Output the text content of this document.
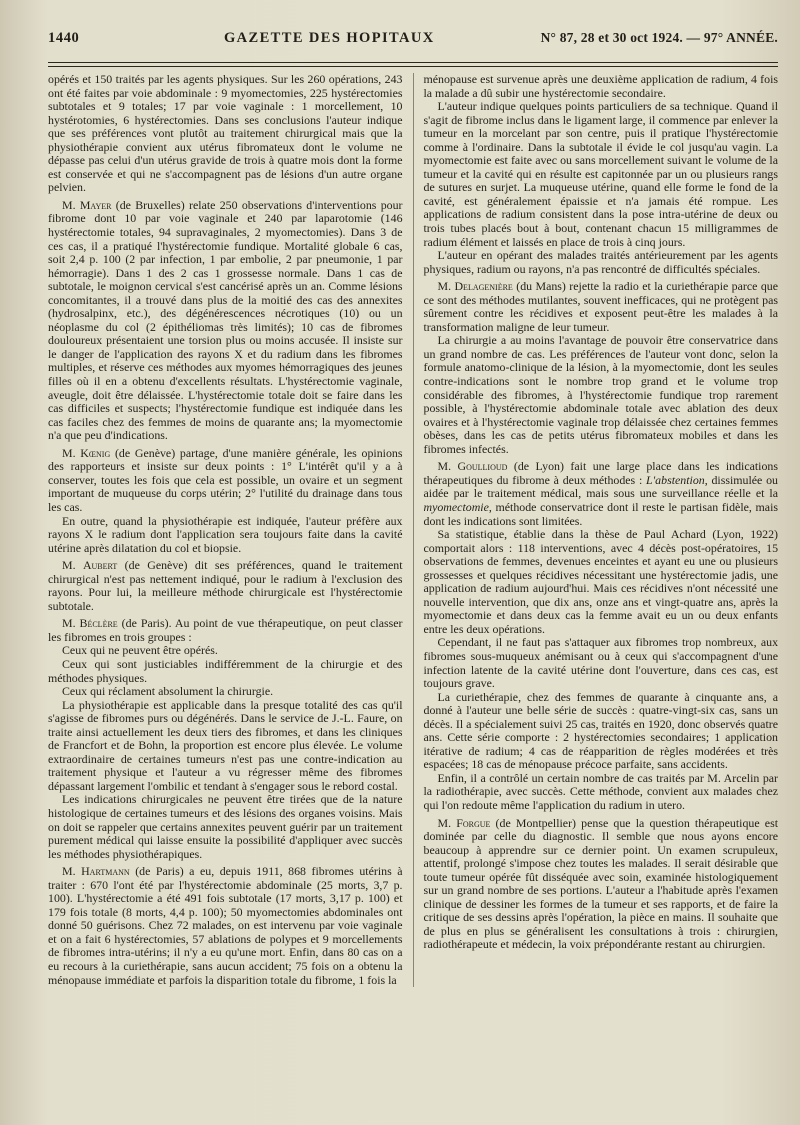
1440	GAZETTE DES HOPITAUX	N° 87, 28 et 30 oct 1924. — 97° ANNÉE.

opérés et 150 traités par les agents physiques. Sur les 260 opérations, 243 ont été faites par voie abdominale : 9 myomectomies, 225 hystérectomies subtotales et 9 totales; 17 par voie vaginale : 1 morcellement, 10 hystérotomies, 6 hystérectomies. Dans ses conclusions l'auteur indique que ses préférences vont plutôt au traitement chirurgical mais que la physiothérapie convient aux utérus fibromateux dont le volume ne dépasse pas celui d'un utérus gravide de trois à quatre mois dont la forme est conservée et qui ne s'accompagnent pas de lésions d'un autre organe pelvien.

M. Mayer (de Bruxelles) relate 250 observations d'interventions pour fibrome dont 10 par voie vaginale et 240 par laparotomie (146 hystérectomie totales, 94 supravaginales, 2 myomectomies). Dans 3 de ces cas, il a pratiqué l'hystérectomie fundique. Mortalité globale 6 cas, soit 2,4 p. 100 (2 par infection, 1 par embolie, 2 par pneumonie, 1 par hémorragie). Dans 1 des 2 cas 1 grossesse normale. Dans 1 cas de subtotale, le moignon cervical s'est cancérisé après un an. Comme lésions concomitantes, il a trouvé dans plus de la moitié des cas des annexites (hydrosalpinx, etc.), des dégénérescences nécrotiques (10) ou un néoplasme du col (2 épithéliomas très limités); 10 cas de fibromes douloureux présentaient une torsion plus ou moins accusée. Il insiste sur le danger de l'application des rayons X et du radium dans les fibromes multiples, et réserve ces méthodes aux myomes hémorragiques des jeunes filles où il en a obtenu d'excellents résultats. L'hystérectomie vaginale, aveugle, doit être délaissée. L'hystérectomie totale doit se faire dans les cas difficiles et suspects; l'hystérectomie fundique est indiquée dans les cas faciles chez des femmes de moins de quarante ans; la myomectomie n'a que peu d'indications.

M. Kœnig (de Genève) partage, d'une manière générale, les opinions des rapporteurs et insiste sur deux points : 1° L'intérêt qu'il y a à conserver, toutes les fois que cela est possible, un ovaire et un segment important de muqueuse du corps utérin; 2° l'utilité du drainage dans tous les cas.

En outre, quand la physiothérapie est indiquée, l'auteur préfère aux rayons X le radium dont l'application sera toujours faite dans la cavité utérine après dilatation du col et biopsie.

M. Aubert (de Genève) dit ses préférences, quand le traitement chirurgical n'est pas nettement indiqué, pour le radium à l'exclusion des rayons. Pour lui, la meilleure méthode chirurgicale est l'hystérectomie subtotale.

M. Béclère (de Paris). Au point de vue thérapeutique, on peut classer les fibromes en trois groupes :

Ceux qui ne peuvent être opérés.

Ceux qui sont justiciables indifféremment de la chirurgie et des méthodes physiques.

Ceux qui réclament absolument la chirurgie.

La physiothérapie est applicable dans la presque totalité des cas qu'il s'agisse de fibromes purs ou dégénérés. Dans le service de J.-L. Faure, on traite ainsi actuellement les deux tiers des fibromes, et dans les cliniques de Francfort et de Bohn, la proportion est encore plus élevée. Le volume extraordinaire de certaines tumeurs n'est pas une contre-indication au traitement physique et l'auteur a vu régresser même des fibromes dépassant largement l'ombilic et tendant à s'engager sous le rebord costal.

Les indications chirurgicales ne peuvent être tirées que de la nature histologique de certaines tumeurs et des lésions des organes voisins. Mais on doit se rappeler que certains annexites peuvent guérir par un traitement purement médical qui laisse ensuite la possibilité d'appliquer avec succès les méthodes physiothérapiques.

M. Hartmann (de Paris) a eu, depuis 1911, 868 fibromes utérins à traiter : 670 l'ont été par l'hystérectomie abdominale (25 morts, 3,7 p. 100). L'hystérectomie a été 491 fois subtotale (17 morts, 3,17 p. 100) et 179 fois totale (8 morts, 4,4 p. 100); 50 myomectomies abdominales ont donné 50 guérisons. Chez 72 malades, on est intervenu par voie vaginale et on a fait 6 hystérectomies, 57 ablations de polypes et 9 morcellements de fibromes intra-utérins; il n'y a eu qu'une mort. Enfin, dans 80 cas on a eu recours à la curiethérapie, sans aucun accident; 75 fois on a obtenu la ménopause immédiate et parfois la disparition totale du fibrome, 1 fois la

ménopause est survenue après une deuxième application de radium, 4 fois la malade a dû subir une hystérectomie secondaire.

L'auteur indique quelques points particuliers de sa technique. Quand il s'agit de fibrome inclus dans le ligament large, il commence par enlever la tumeur en la morcelant par son centre, puis il pratique l'hystérectomie comme à l'ordinaire. Dans la subtotale il évide le col jusqu'au vagin. La myomectomie est faite avec ou sans morcellement suivant le volume de la tumeur et la cavité qui en résulte est capitonnée par un ou plusieurs rangs de sutures en surjet. La muqueuse utérine, quand elle forme le fond de la cavité, est généralement épaissie et n'a jamais été rompue. Les applications de radium consistent dans la pose intra-utérine de deux ou trois tubes placés bout à bout, contenant chacun 15 milligrammes de radium élément et laissés en place de trois à cinq jours.

L'auteur en opérant des malades traités antérieurement par les agents physiques, radium ou rayons, n'a pas rencontré de difficultés spéciales.

M. Delagenière (du Mans) rejette la radio et la curiethérapie parce que ce sont des méthodes mutilantes, souvent inefficaces, qui ne protègent pas sûrement contre les récidives et exposent peut-être les malades à la transformation maligne de leur tumeur.

La chirurgie a au moins l'avantage de pouvoir être conservatrice dans un grand nombre de cas. Les préférences de l'auteur vont donc, selon la formule anatomo-clinique de la lésion, à la myomectomie, dont les seules contre-indications sont le nombre trop grand et le volume trop considérable des fibromes, à l'hystérectomie fundique trop rarement possible, à l'hystérectomie abdominale totale avec ablation des deux ovaires et à l'hystérectomie vaginale trop délaissée chez certaines femmes obèses, dans les cas de petits utérus fibromateux mobiles et dans les fibromes infectés.

M. Goullioud (de Lyon) fait une large place dans les indications thérapeutiques du fibrome à deux méthodes : L'abstention, dissimulée ou aidée par le traitement médical, mais sous une surveillance réelle et la myomectomie, méthode conservatrice dont il reste le partisan fidèle, mais dont les indications sont limitées.

Sa statistique, établie dans la thèse de Paul Achard (Lyon, 1922) comportait alors : 118 interventions, avec 4 décès post-opératoires, 15 observations de femmes, devenues enceintes et ayant eu une ou plusieurs grossesses et quelques récidives nécessitant une hystérectomie jadis, une application de radium aujourd'hui. Mais ces récidives n'ont nécessité une nouvelle intervention, que dix ans, onze ans et vingt-quatre ans, après la myomectomie et dans deux cas la femme avait eu un ou deux enfants entre les deux opérations.

Cependant, il ne faut pas s'attaquer aux fibromes trop nombreux, aux fibromes sous-muqueux anémisant ou à ceux qui s'accompagnent d'une infection latente de la cavité utérine dont l'ouverture, dans ces cas, est toujours grave.

La curiethérapie, chez des femmes de quarante à cinquante ans, a donné à l'auteur une belle série de succès : quatre-vingt-six cas, sans un décès. Il a spécialement suivi 25 cas, traités en 1920, donc observés quatre ans. Cette série comporte : 2 hystérectomies secondaires; 1 application itérative de radium; 4 cas de réapparition de règles modérées et très espacées; 18 cas de ménopause précoce parfaite, sans accidents.

Enfin, il a contrôlé un certain nombre de cas traités par M. Arcelin par la radiothérapie, avec succès. Cette méthode, convient aux malades chez qui l'on redoute même l'application du radium in utero.

M. Forgue (de Montpellier) pense que la question thérapeutique est dominée par celle du diagnostic. Il semble que nous ayons encore beaucoup à apprendre sur ce dernier point. Un examen scrupuleux, attentif, prolongé s'impose chez toutes les malades. Il serait désirable que toute tumeur opérée fût disséquée avec soin, examinée histologiquement sur un grand nombre de ses portions. L'auteur a l'habitude après l'examen clinique de dessiner les formes de la tumeur et ses rapports, et de faire la critique de ses dessins après l'opération, la pièce en mains. Il souhaite que de plus en plus se généralisent les consultations à trois : chirurgien, radiothérapeute et médecin, la voix prépondérante restant au chirurgien.
